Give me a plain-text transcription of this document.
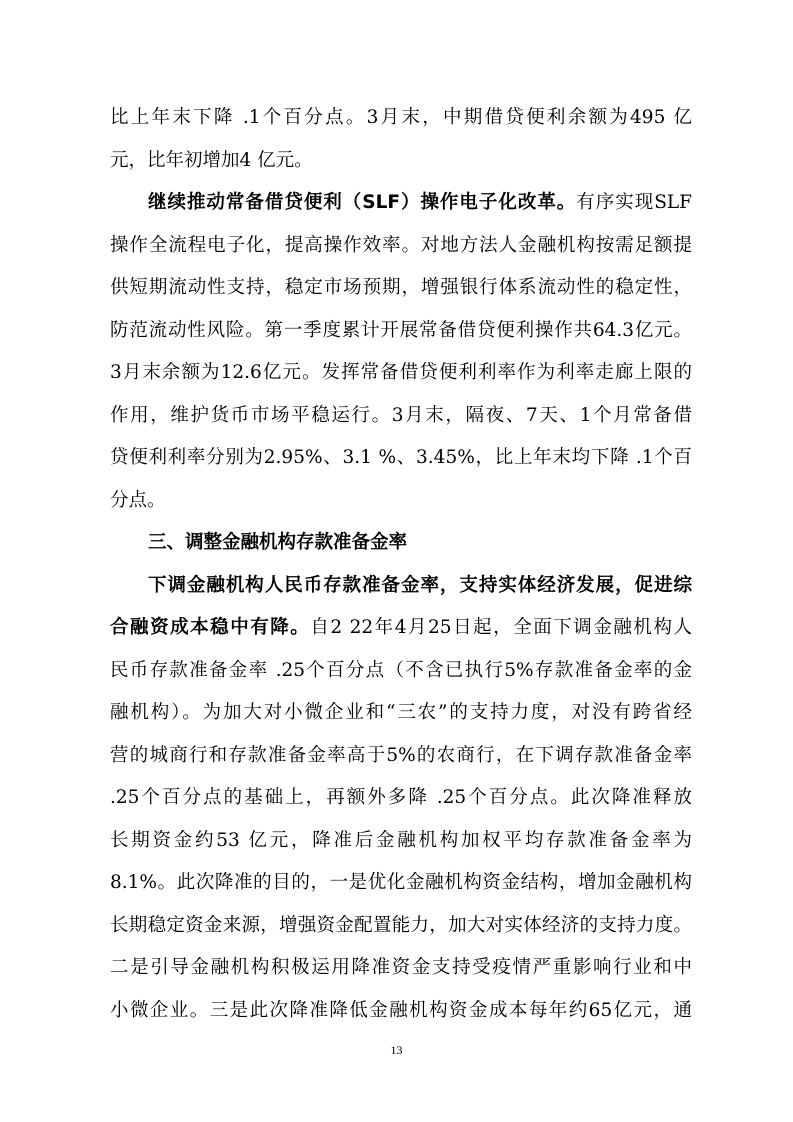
比上年末下降 .1个百分点。3月末，中期借贷便利余额为495 亿
元，比年初增加4 亿元。
继续推动常备借贷便利（SLF）操作电子化改革。有序实现SLF
操作全流程电子化，提高操作效率。对地方法人金融机构按需足额提
供短期流动性支持，稳定市场预期，增强银行体系流动性的稳定性，
防范流动性风险。第一季度累计开展常备借贷便利操作共64.3亿元。
3月末余额为12.6亿元。发挥常备借贷便利利率作为利率走廊上限的
作用，维护货币市场平稳运行。3月末，隔夜、7天、1个月常备借
贷便利利率分别为2.95%、3.1 %、3.45%，比上年末均下降 .1个百
分点。
三、调整金融机构存款准备金率
下调金融机构人民币存款准备金率，支持实体经济发展，促进综
合融资成本稳中有降。自2 22年4月25日起，全面下调金融机构人
民币存款准备金率 .25个百分点（不含已执行5%存款准备金率的金
融机构）。为加大对小微企业和“三农”的支持力度，对没有跨省经
营的城商行和存款准备金率高于5%的农商行，在下调存款准备金率
.25个百分点的基础上，再额外多降 .25个百分点。此次降准释放
长期资金约53 亿元，降准后金融机构加权平均存款准备金率为
8.1%。此次降准的目的，一是优化金融机构资金结构，增加金融机构
长期稳定资金来源，增强资金配置能力，加大对实体经济的支持力度。
二是引导金融机构积极运用降准资金支持受疫情严重影响行业和中
小微企业。三是此次降准降低金融机构资金成本每年约65亿元，通
13
